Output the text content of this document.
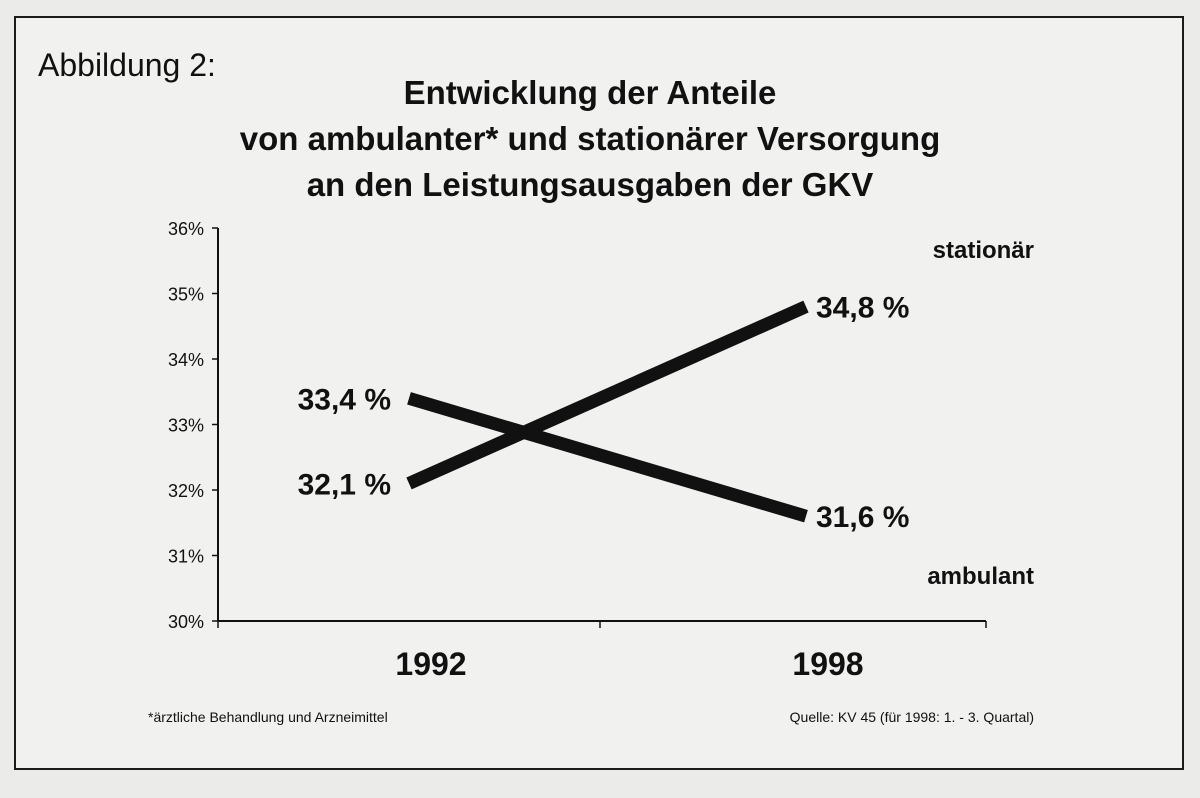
Abbildung 2:
Entwicklung der Anteile
von ambulanter* und stationärer Versorgung
an den Leistungsausgaben der GKV
36%
35%
34%
33%
32%
31%
30%
1992	1998
32,1 %
34,8 %
33,4 %
31,6 %
stationär
ambulant
*ärztliche Behandlung und Arzneimittel	Quelle: KV 45 (für 1998: 1. - 3. Quartal)
